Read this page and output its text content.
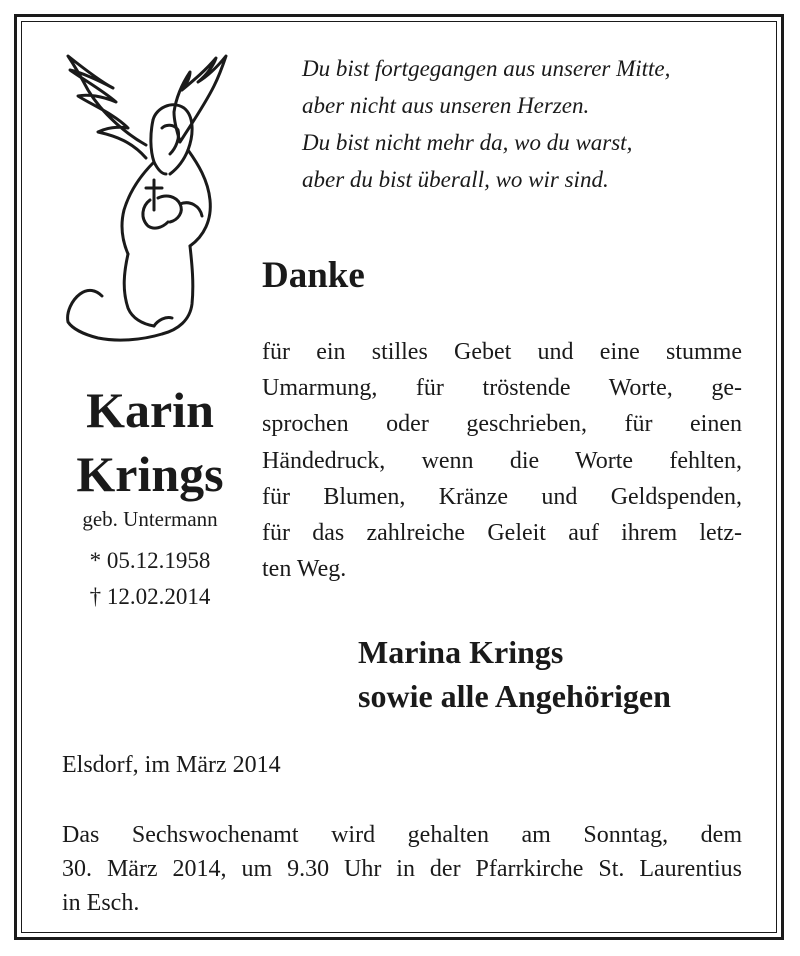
Du bist fortgegangen aus unserer Mitte,
aber nicht aus unseren Herzen.
Du bist nicht mehr da, wo du warst,
aber du bist überall, wo wir sind.
Danke
für ein stilles Gebet und eine stumme
Umarmung, für tröstende Worte, ge-
sprochen oder geschrieben, für einen
Händedruck, wenn die Worte fehlten,
für Blumen, Kränze und Geldspenden,
für das zahlreiche Geleit auf ihrem letz-
ten Weg.
Karin
Krings
geb. Untermann
* 05.12.1958
† 12.02.2014
Marina Krings
sowie alle Angehörigen
Elsdorf, im März 2014
Das Sechswochenamt wird gehalten am Sonntag, dem
30. März 2014, um 9.30 Uhr in der Pfarrkirche St. Laurentius
in Esch.
